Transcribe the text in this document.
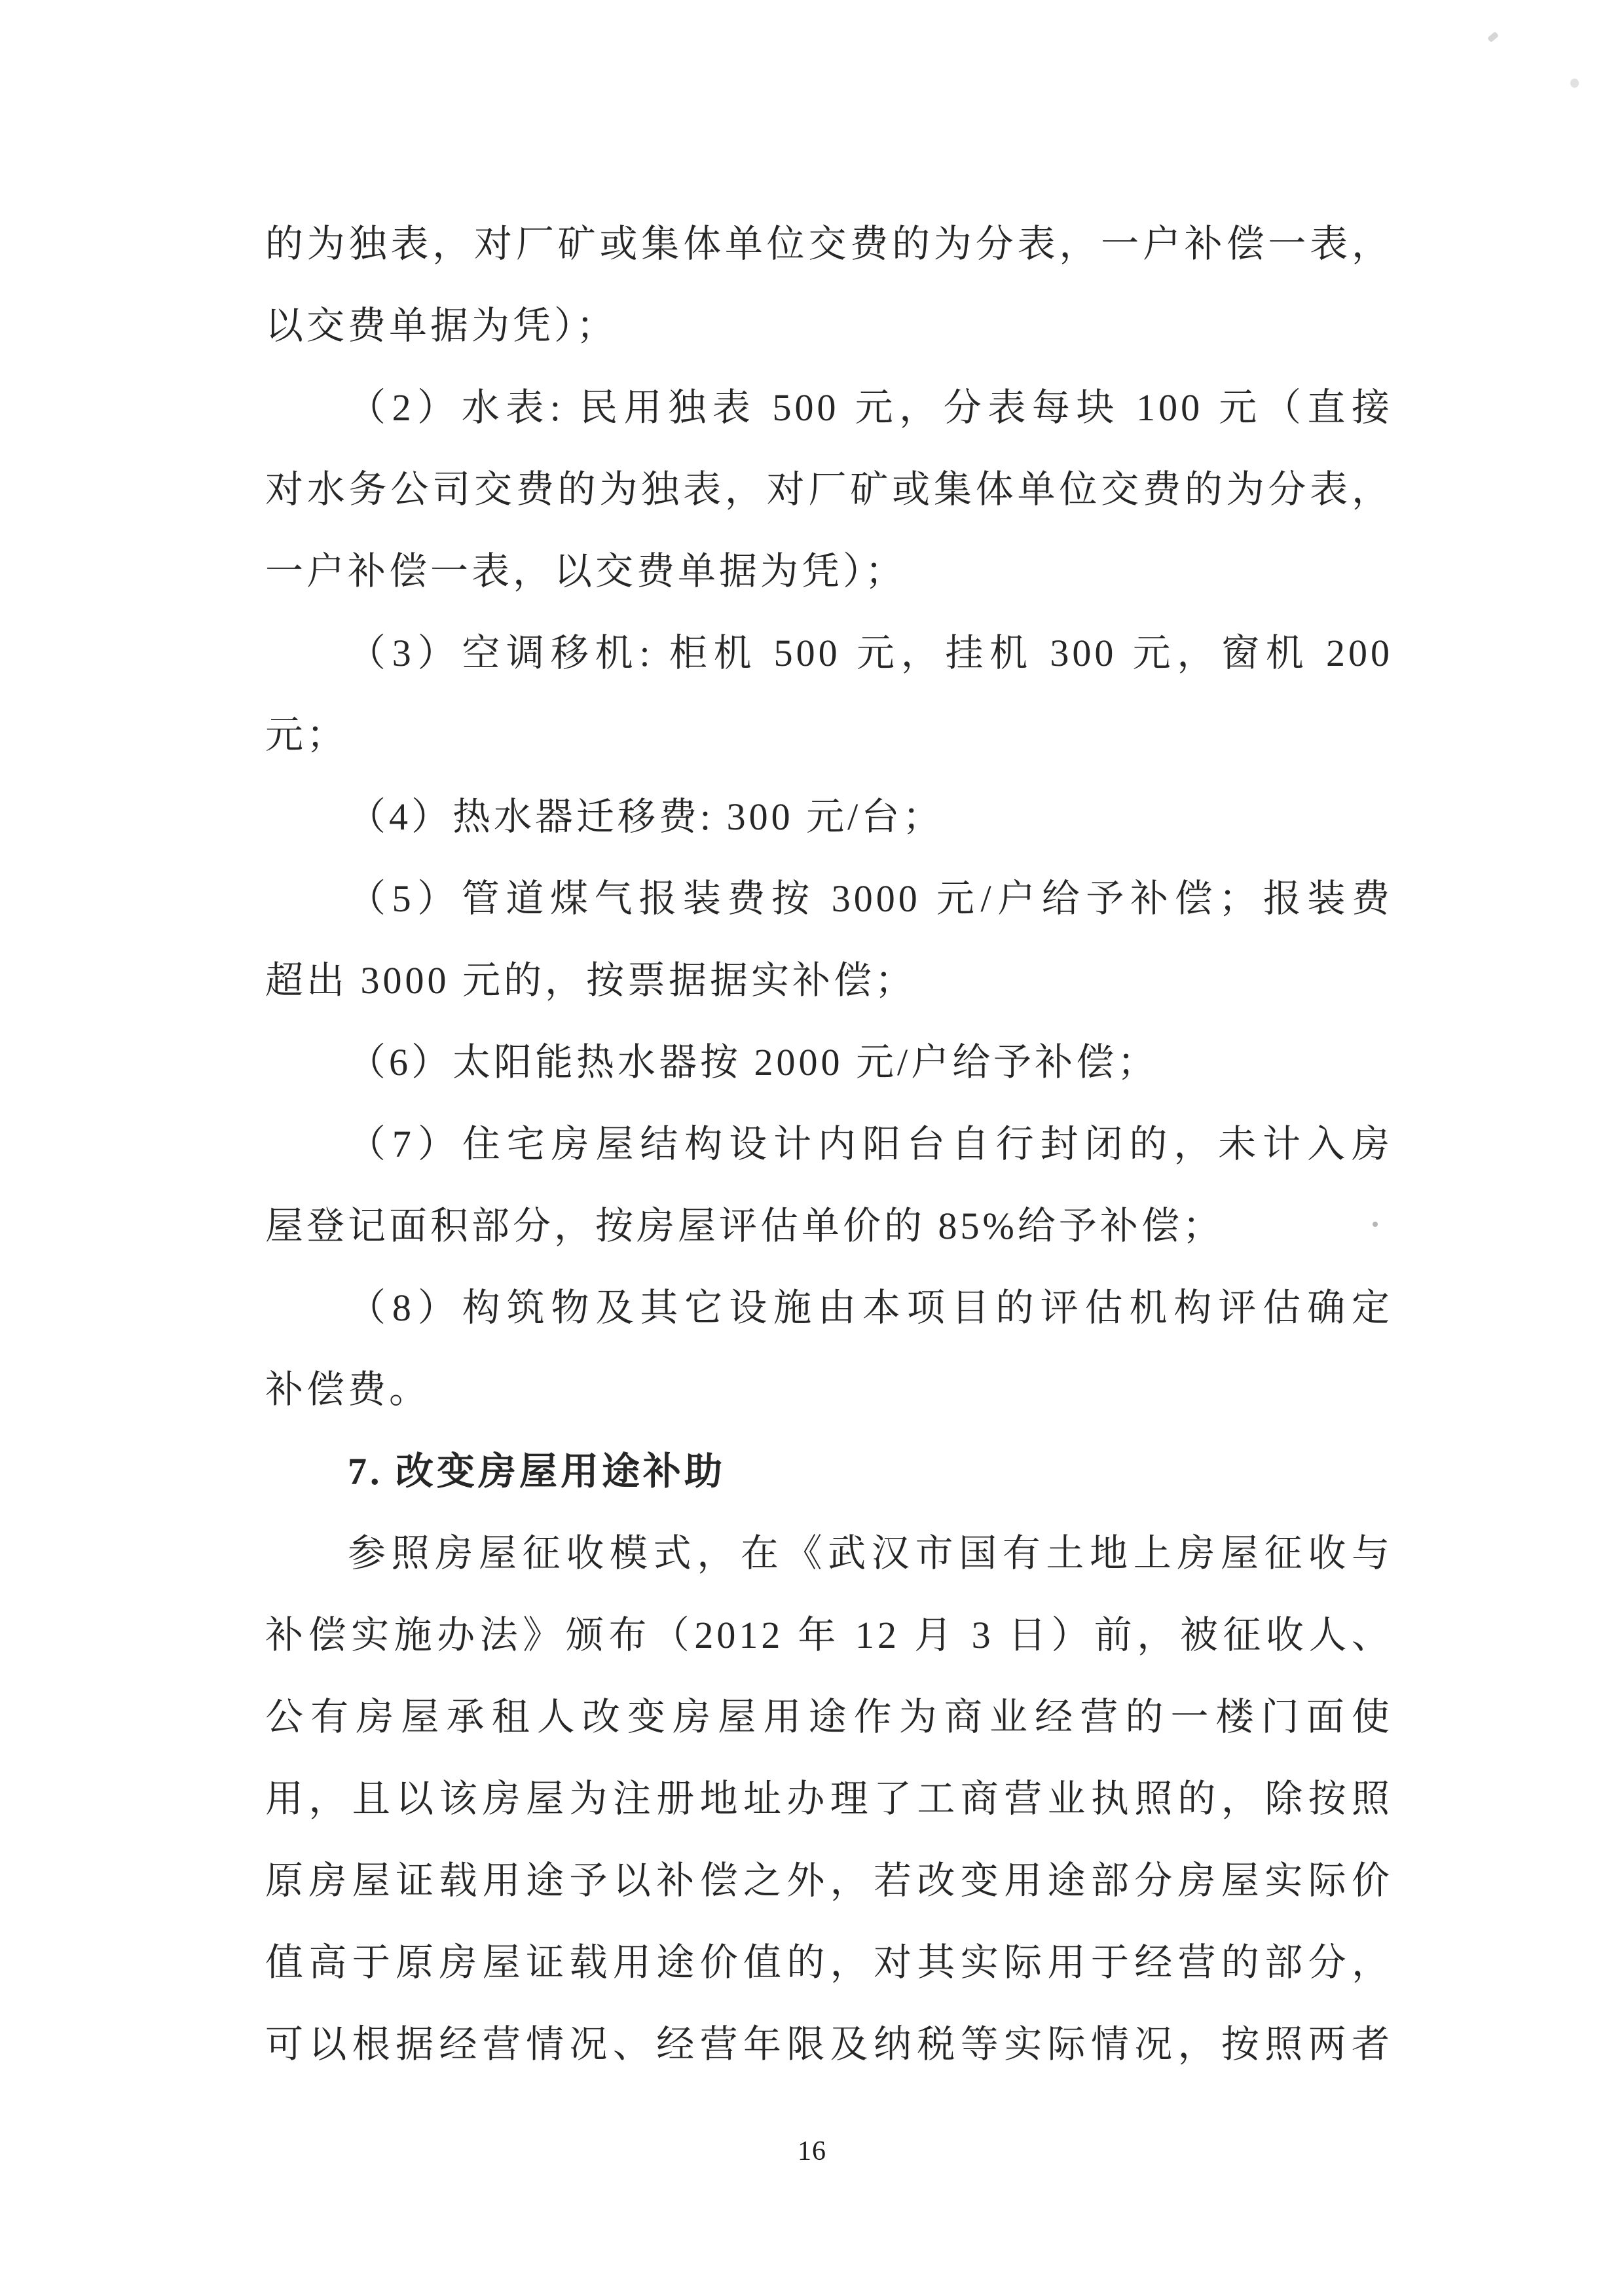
的为独表，对厂矿或集体单位交费的为分表，一户补偿一表，
以交费单据为凭）；
（2）水表: 民用独表 500 元，分表每块 100 元（直接
对水务公司交费的为独表，对厂矿或集体单位交费的为分表，
一户补偿一表，以交费单据为凭）；
（3）空调移机: 柜机 500 元，挂机 300 元，窗机 200
元；
（4）热水器迁移费: 300 元/台；
（5）管道煤气报装费按 3000 元/户给予补偿；报装费
超出 3000 元的，按票据据实补偿；
（6）太阳能热水器按 2000 元/户给予补偿；
（7）住宅房屋结构设计内阳台自行封闭的，未计入房
屋登记面积部分，按房屋评估单价的 85%给予补偿；
（8）构筑物及其它设施由本项目的评估机构评估确定
补偿费。
7. 改变房屋用途补助
参照房屋征收模式，在《武汉市国有土地上房屋征收与
补偿实施办法》颁布（2012 年 12 月 3 日）前，被征收人、
公有房屋承租人改变房屋用途作为商业经营的一楼门面使
用，且以该房屋为注册地址办理了工商营业执照的，除按照
原房屋证载用途予以补偿之外，若改变用途部分房屋实际价
值高于原房屋证载用途价值的，对其实际用于经营的部分，
可以根据经营情况、经营年限及纳税等实际情况，按照两者
16
